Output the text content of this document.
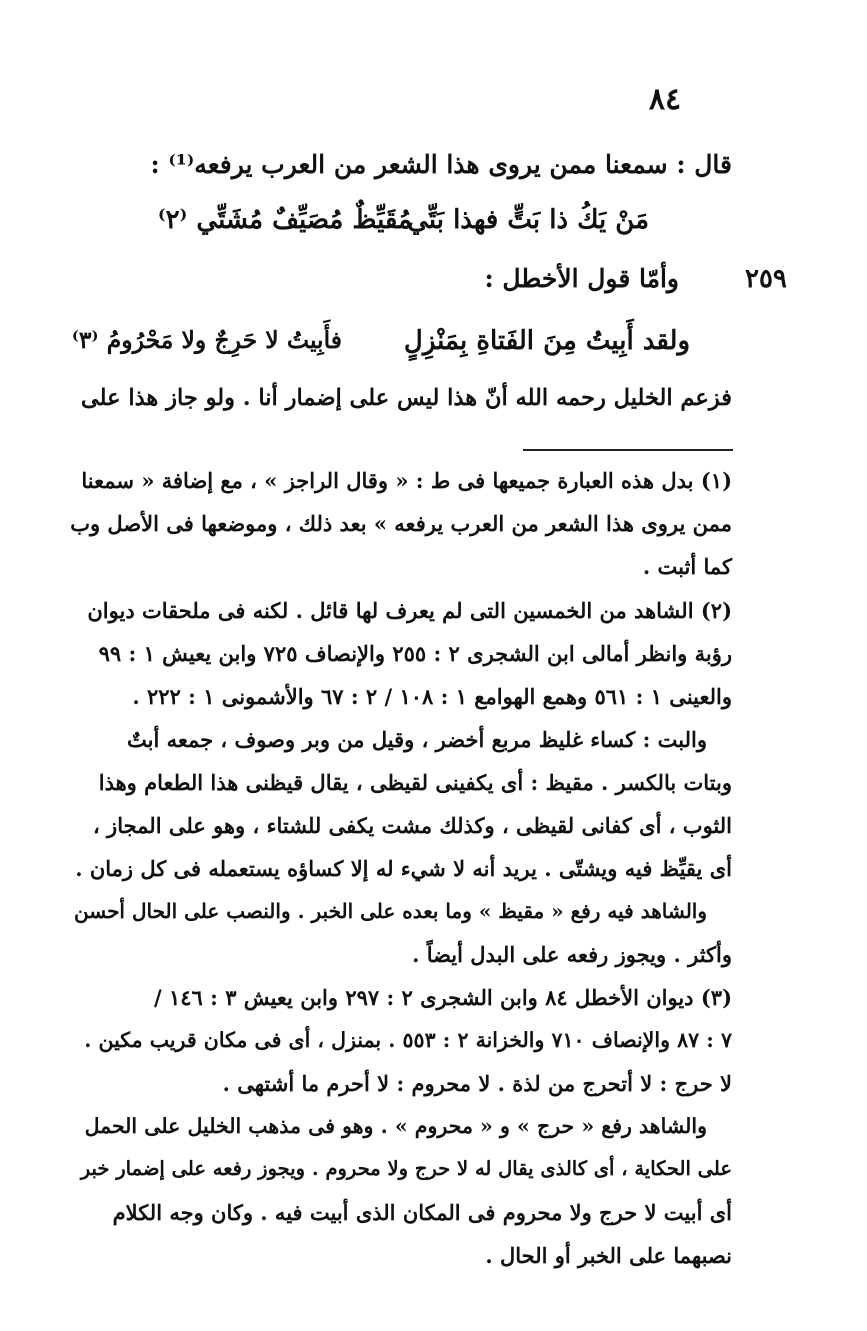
٨٤
قال : سمعنا ممن يروى هذا الشعر من العرب يرفعه⁽¹⁾ :
مُقَيِّظٌ مُصَيِّفٌ مُشَتِّي ⁽٢⁾
مَنْ يَكُ ذا بَتٍّ فهذا بَتِّي
٢٥٩
وأمّا قول الأخطل :
ولقد أَبِيتُ مِنَ الفَتاةِ بِمَنْزِلٍ
فأَبِيتُ لا حَرِجٌ ولا مَحْرُومُ ⁽٣⁾
فزعم الخليل رحمه الله أنّ هذا ليس على إضمار أنا . ولو جاز هذا على
(١) بدل هذه العبارة جميعها فى ط : « وقال الراجز » ، مع إضافة « سمعنا
ممن يروى هذا الشعر من العرب يرفعه » بعد ذلك ، وموضعها فى الأصل وب
كما أثبت .
(٢) الشاهد من الخمسين التى لم يعرف لها قائل . لكنه فى ملحقات ديوان
رؤبة وانظر أمالى ابن الشجرى ٢ : ٢٥٥ والإنصاف ٧٢٥ وابن يعيش ١ : ٩٩
والعينى ١ : ٥٦١ وهمع الهوامع ١ : ١٠٨ / ٢ : ٦٧ والأشمونى ١ : ٢٢٢ .
والبت : كساء غليظ مربع أخضر ، وقيل من وبر وصوف ، جمعه أبتٌ
وبتات بالكسر . مقيظ : أى يكفينى لقيظى ، يقال قيظنى هذا الطعام وهذا
الثوب ، أى كفانى لقيظى ، وكذلك مشت يكفى للشتاء ، وهو على المجاز ،
أى يقيِّظ فيه ويشتّى . يريد أنه لا شيء له إلا كساؤه يستعمله فى كل زمان .
والشاهد فيه رفع « مقيظ » وما بعده على الخبر . والنصب على الحال أحسن
وأكثر . ويجوز رفعه على البدل أيضاً .
(٣) ديوان الأخطل ٨٤ وابن الشجرى ٢ : ٢٩٧ وابن يعيش ٣ : ١٤٦ /
٧ : ٨٧ والإنصاف ٧١٠ والخزانة ٢ : ٥٥٣ . بمنزل ، أى فى مكان قريب مكين .
لا حرج : لا أتحرج من لذة . لا محروم : لا أحرم ما أشتهى .
والشاهد رفع « حرج » و « محروم » . وهو فى مذهب الخليل على الحمل
على الحكاية ، أى كالذى يقال له لا حرج ولا محروم . ويجوز رفعه على إضمار خبر
أى أبيت لا حرج ولا محروم فى المكان الذى أبيت فيه . وكان وجه الكلام
نصبهما على الخبر أو الحال .
